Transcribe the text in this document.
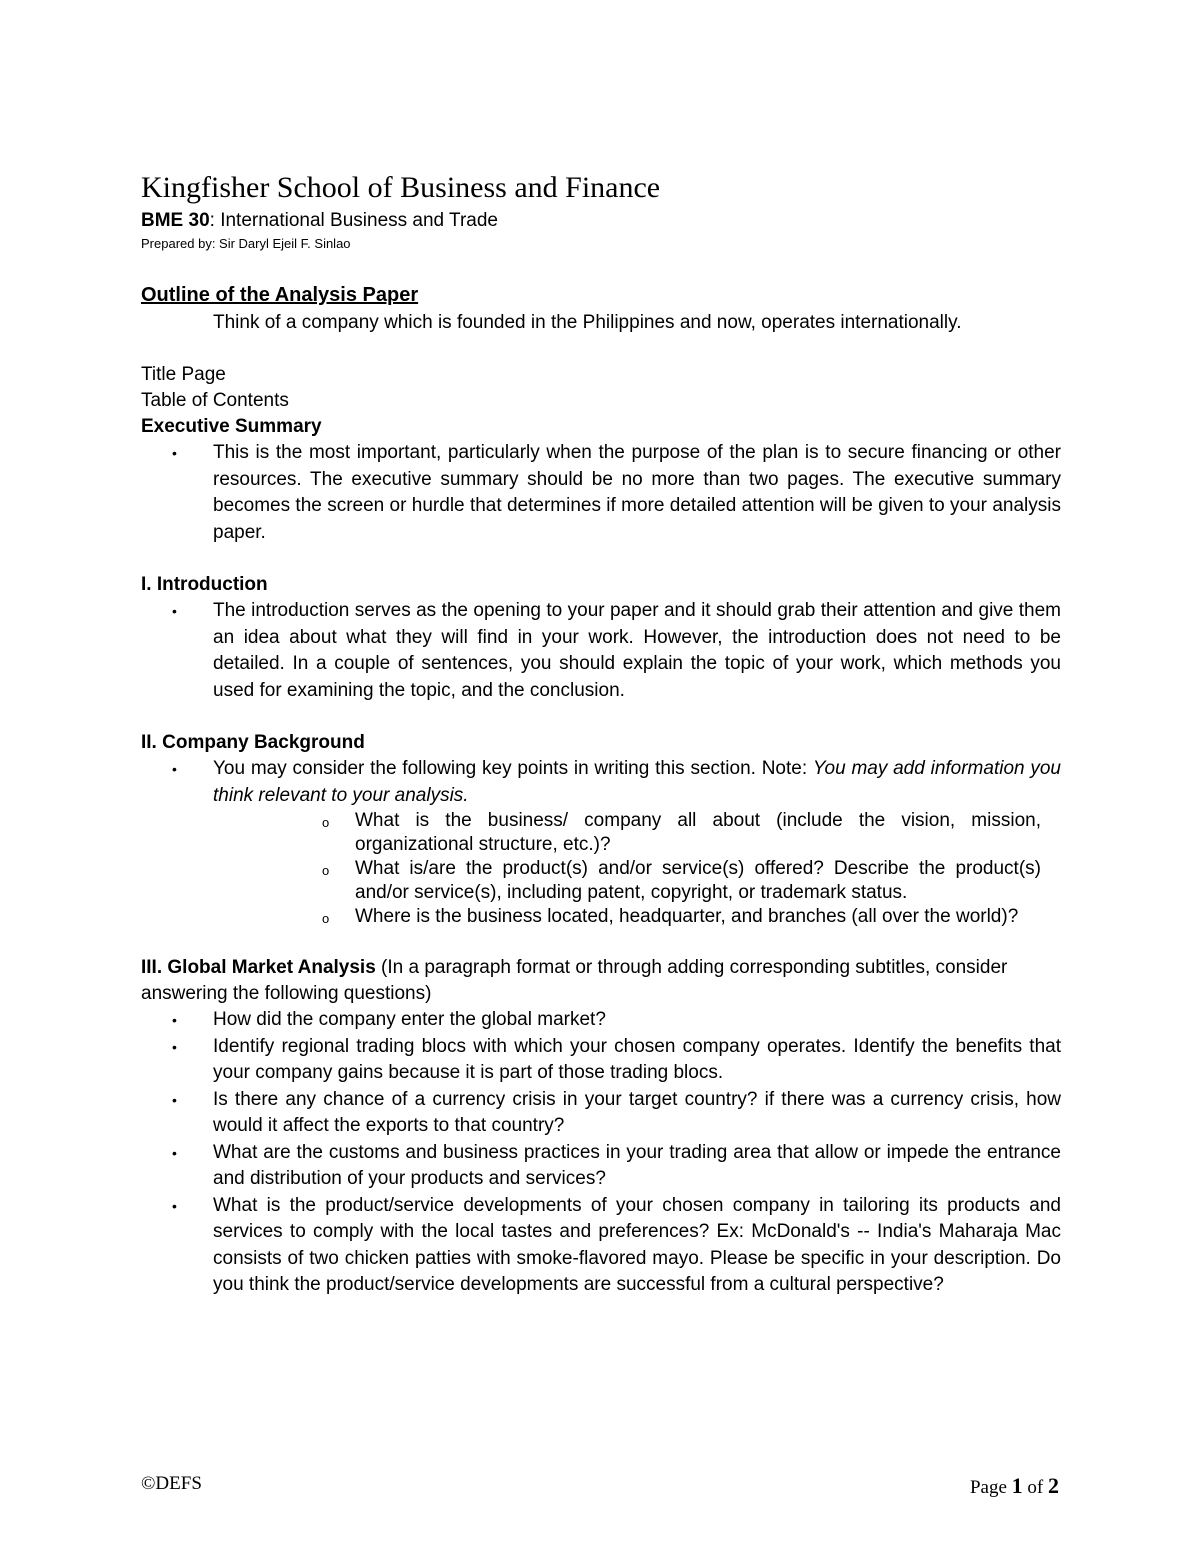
Kingfisher School of Business and Finance

BME 30: International Business and Trade

Prepared by: Sir Daryl Ejeil F. Sinlao

Outline of the Analysis Paper

Think of a company which is founded in the Philippines and now, operates internationally.

Title Page

Table of Contents

Executive Summary

• This is the most important, particularly when the purpose of the plan is to secure financing or other resources. The executive summary should be no more than two pages. The executive summary becomes the screen or hurdle that determines if more detailed attention will be given to your analysis paper.

I. Introduction

• The introduction serves as the opening to your paper and it should grab their attention and give them an idea about what they will find in your work. However, the introduction does not need to be detailed. In a couple of sentences, you should explain the topic of your work, which methods you used for examining the topic, and the conclusion.

II. Company Background

• You may consider the following key points in writing this section. Note: You may add information you think relevant to your analysis.
o What is the business/ company all about (include the vision, mission, organizational structure, etc.)?
o What is/are the product(s) and/or service(s) offered? Describe the product(s) and/or service(s), including patent, copyright, or trademark status.
o Where is the business located, headquarter, and branches (all over the world)?

III. Global Market Analysis (In a paragraph format or through adding corresponding subtitles, consider answering the following questions)

• How did the company enter the global market?
• Identify regional trading blocs with which your chosen company operates. Identify the benefits that your company gains because it is part of those trading blocs.
• Is there any chance of a currency crisis in your target country? if there was a currency crisis, how would it affect the exports to that country?
• What are the customs and business practices in your trading area that allow or impede the entrance and distribution of your products and services?
• What is the product/service developments of your chosen company in tailoring its products and services to comply with the local tastes and preferences? Ex: McDonald's -- India's Maharaja Mac consists of two chicken patties with smoke-flavored mayo. Please be specific in your description. Do you think the product/service developments are successful from a cultural perspective?
©DEFS	Page 1 of 2
